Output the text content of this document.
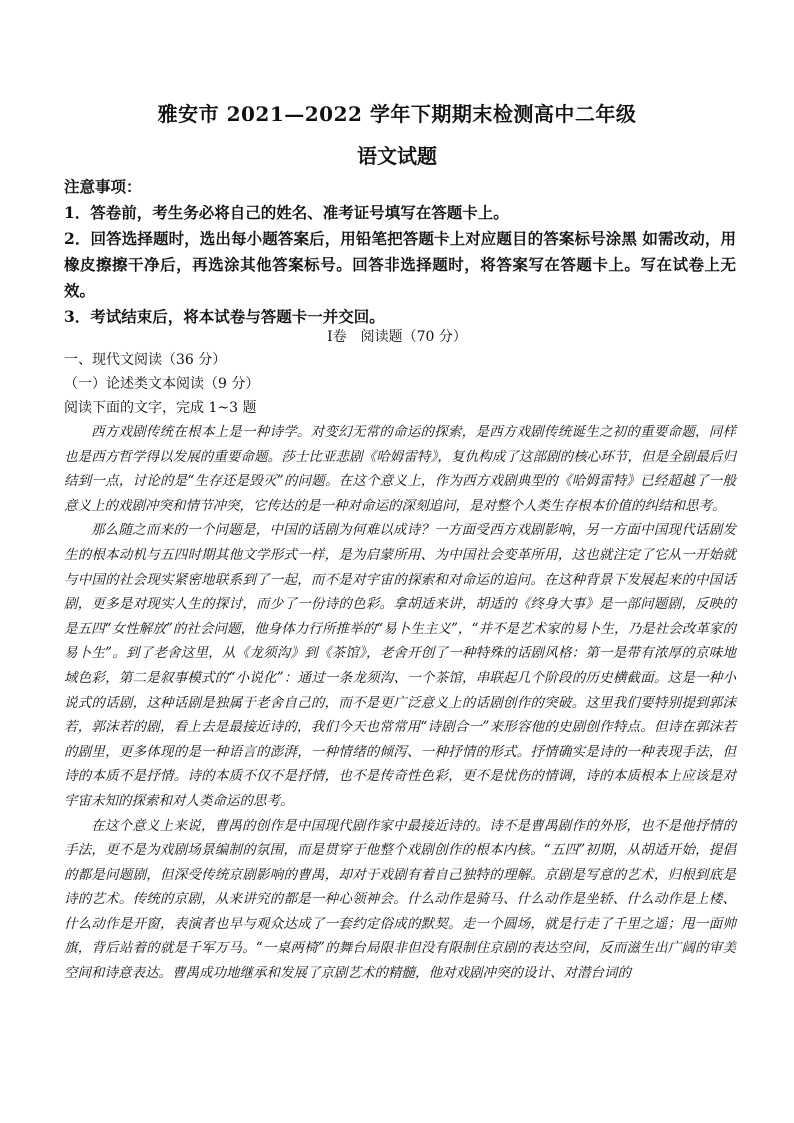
雅安市 2021—2022 学年下期期末检测高中二年级
语文试题

注意事项：

1．答卷前，考生务必将自己的姓名、准考证号填写在答题卡上。

2．回答选择题时，选出每小题答案后，用铅笔把答题卡上对应题目的答案标号涂黑 如需改动，用橡皮擦擦干净后，再选涂其他答案标号。回答非选择题时，将答案写在答题卡上。写在试卷上无效。

3．考试结束后，将本试卷与答题卡一并交回。

I卷　阅读题（70 分）
一、现代文阅读（36 分）
（一）论述类文本阅读（9 分）
阅读下面的文字，完成 1~3 题

西方戏剧传统在根本上是一种诗学。对变幻无常的命运的探索，是西方戏剧传统诞生之初的重要命题，同样也是西方哲学得以发展的重要命题。莎士比亚悲剧《哈姆雷特》，复仇构成了这部剧的核心环节，但是全剧最后归结到一点，讨论的是“生存还是毁灭”的问题。在这个意义上，作为西方戏剧典型的《哈姆雷特》已经超越了一般意义上的戏剧冲突和情节冲突，它传达的是一种对命运的深刻追问，是对整个人类生存根本价值的纠结和思考。

那么随之而来的一个问题是，中国的话剧为何难以成诗？一方面受西方戏剧影响，另一方面中国现代话剧发生的根本动机与五四时期其他文学形式一样，是为启蒙所用、为中国社会变革所用，这也就注定了它从一开始就与中国的社会现实紧密地联系到了一起，而不是对宇宙的探索和对命运的追问。在这种背景下发展起来的中国话剧，更多是对现实人生的探讨，而少了一份诗的色彩。拿胡适来讲，胡适的《终身大事》是一部问题剧，反映的是五四“女性解放”的社会问题，他身体力行所推举的“易卜生主义”，“并不是艺术家的易卜生，乃是社会改革家的易卜生”。到了老舍这里，从《龙须沟》到《茶馆》，老舍开创了一种特殊的话剧风格：第一是带有浓厚的京味地域色彩，第二是叙事模式的“小说化”：通过一条龙须沟、一个茶馆，串联起几个阶段的历史横截面。这是一种小说式的话剧，这种话剧是独属于老舍自己的，而不是更广泛意义上的话剧创作的突破。这里我们要特别提到郭沫若，郭沫若的剧，看上去是最接近诗的，我们今天也常常用“诗剧合一”来形容他的史剧创作特点。但诗在郭沫若的剧里，更多体现的是一种语言的澎湃，一种情绪的倾泻、一种抒情的形式。抒情确实是诗的一种表现手法，但诗的本质不是抒情。诗的本质不仅不是抒情，也不是传奇性色彩，更不是忧伤的情调，诗的本质根本上应该是对宇宙未知的探索和对人类命运的思考。

在这个意义上来说，曹禺的创作是中国现代剧作家中最接近诗的。诗不是曹禺剧作的外形，也不是他抒情的手法，更不是为戏剧场景编制的氛围，而是贯穿于他整个戏剧创作的根本内核。“五四”初期，从胡适开始，提倡的都是问题剧，但深受传统京剧影响的曹禺，却对于戏剧有着自己独特的理解。京剧是写意的艺术，归根到底是诗的艺术。传统的京剧，从来讲究的都是一种心领神会。什么动作是骑马、什么动作是坐轿、什么动作是上楼、什么动作是开窗，表演者也早与观众达成了一套约定俗成的默契。走一个圆场，就是行走了千里之遥；甩一面帅旗，背后站着的就是千军万马。“一桌两椅”的舞台局限非但没有限制住京剧的表达空间，反而滋生出广阔的审美空间和诗意表达。曹禺成功地继承和发展了京剧艺术的精髓，他对戏剧冲突的设计、对潜台词的
